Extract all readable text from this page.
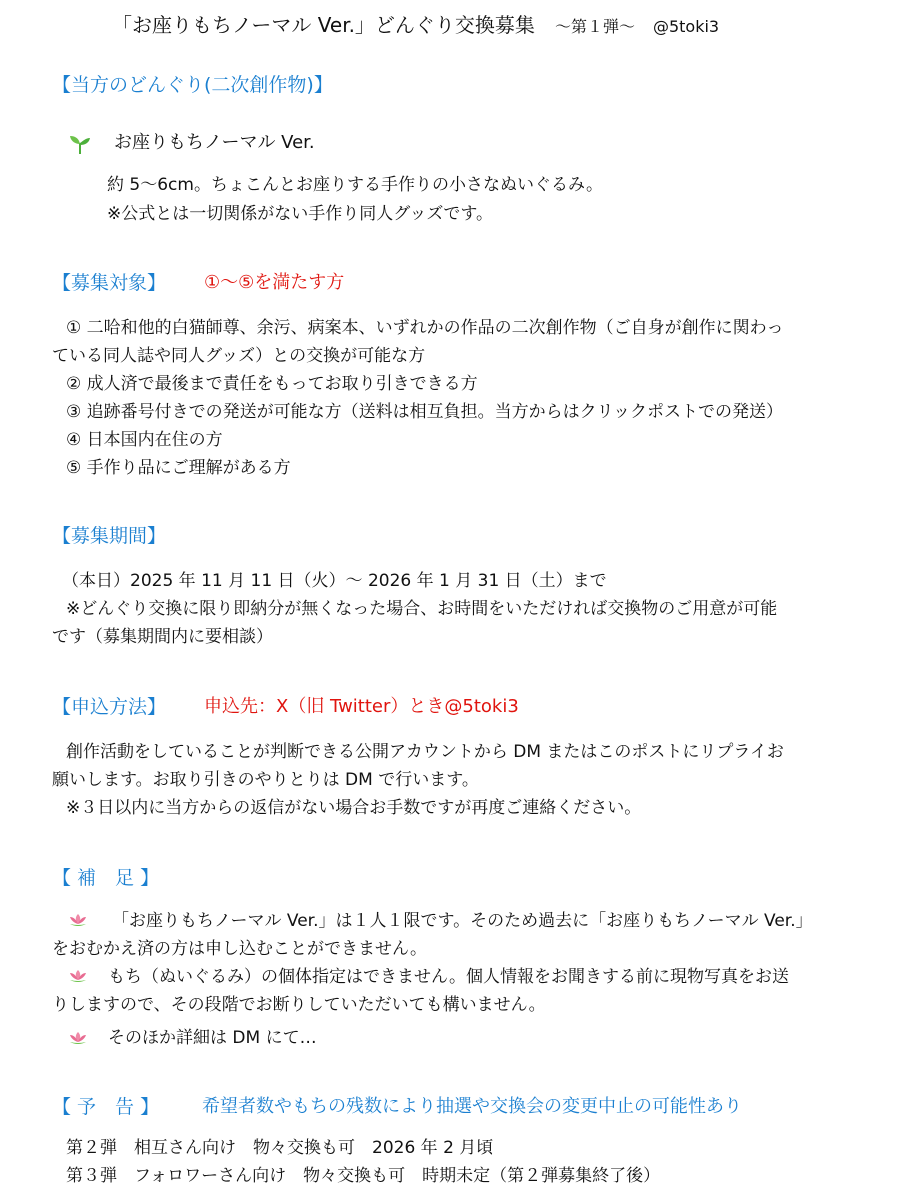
「お座りもちノーマル Ver.」どんぐり交換募集 〜第１弾〜 @5toki3
【当方のどんぐり(二次創作物)】
お座りもちノーマル Ver.
約 5〜6cm。ちょこんとお座りする手作りの小さなぬいぐるみ。
※公式とは一切関係がない手作り同人グッズです。
【募集対象】 ①〜⑤を満たす方
① 二哈和他的白猫師尊、余污、病案本、いずれかの作品の二次創作物（ご自身が創作に関わっ
ている同人誌や同人グッズ）との交換が可能な方
② 成人済で最後まで責任をもってお取り引きできる方
③ 追跡番号付きでの発送が可能な方（送料は相互負担。当方からはクリックポストでの発送）
④ 日本国内在住の方
⑤ 手作り品にご理解がある方
【募集期間】
（本日）2025 年 11 月 11 日（火）〜 2026 年 1 月 31 日（土）まで
※どんぐり交換に限り即納分が無くなった場合、お時間をいただければ交換物のご用意が可能
です（募集期間内に要相談）
【申込方法】 申込先：X（旧 Twitter）とき@5toki3
創作活動をしていることが判断できる公開アカウントから DM またはこのポストにリプライお
願いします。お取り引きのやりとりは DM で行います。
※３日以内に当方からの返信がない場合お手数ですが再度ご連絡ください。
【 補　足 】
「お座りもちノーマル Ver.」は１人１限です。そのため過去に「お座りもちノーマル Ver.」
をおむかえ済の方は申し込むことができません。
もち（ぬいぐるみ）の個体指定はできません。個人情報をお聞きする前に現物写真をお送
りしますので、その段階でお断りしていただいても構いません。
そのほか詳細は DM にて…
【 予　告 】 希望者数やもちの残数により抽選や交換会の変更中止の可能性あり
第２弾　相互さん向け　物々交換も可　2026 年 2 月頃
第３弾　フォロワーさん向け　物々交換も可　時期未定（第２弾募集終了後）
